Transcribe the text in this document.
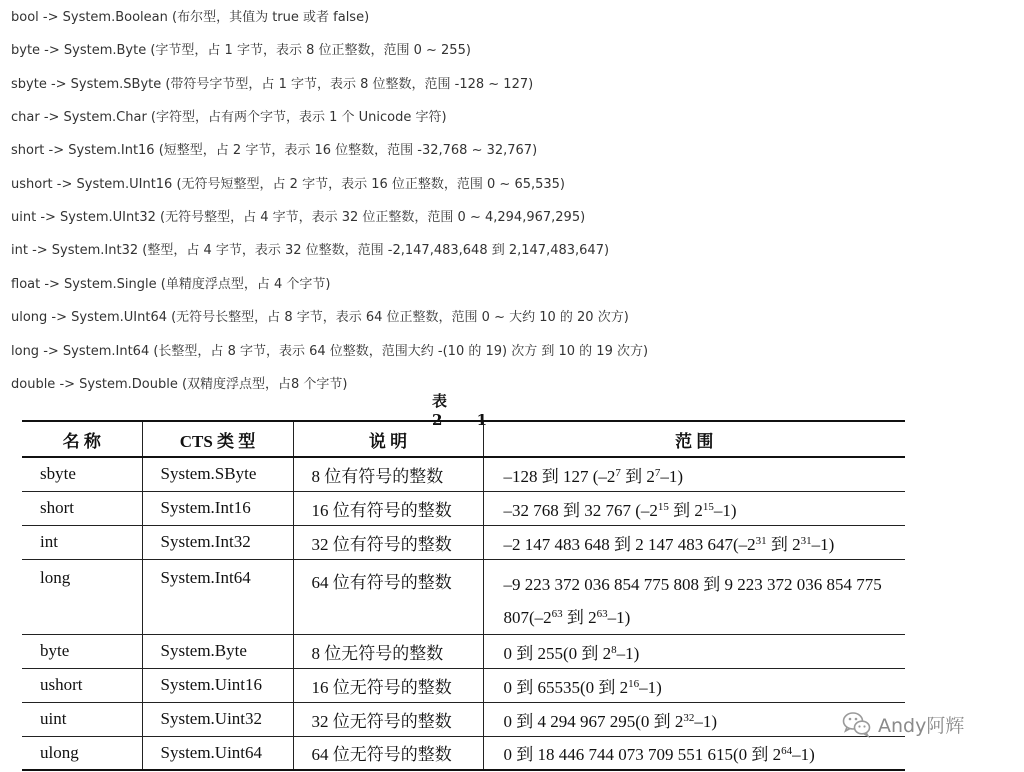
bool -> System.Boolean (布尔型，其值为 true 或者 false)
byte -> System.Byte (字节型，占 1 字节，表示 8 位正整数，范围 0 ~ 255)
sbyte -> System.SByte (带符号字节型，占 1 字节，表示 8 位整数，范围 -128 ~ 127)
char -> System.Char (字符型，占有两个字节，表示 1 个 Unicode 字符)
short -> System.Int16 (短整型，占 2 字节，表示 16 位整数，范围 -32,768 ~ 32,767)
ushort -> System.UInt16 (无符号短整型，占 2 字节，表示 16 位正整数，范围 0 ~ 65,535)
uint -> System.UInt32 (无符号整型，占 4 字节，表示 32 位正整数，范围 0 ~ 4,294,967,295)
int -> System.Int32 (整型，占 4 字节，表示 32 位整数，范围 -2,147,483,648 到 2,147,483,647)
float -> System.Single (单精度浮点型，占 4 个字节)
ulong -> System.UInt64 (无符号长整型，占 8 字节，表示 64 位正整数，范围 0 ~ 大约 10 的 20 次方)
long -> System.Int64 (长整型，占 8 字节，表示 64 位整数，范围大约 -(10 的 19) 次方 到 10 的 19 次方)
double -> System.Double (双精度浮点型，占8 个字节)
表 2-1
名 称	CTS 类 型	说 明	范 围
sbyte	System.SByte	8 位有符号的整数	–128 到 127 ($-2^7$ 到 $2^7-1$)
short	System.Int16	16 位有符号的整数	–32 768 到 32 767 ($-2^{15}$ 到 $2^{15}-1$)
int	System.Int32	32 位有符号的整数	–2 147 483 648 到 2 147 483 $647(-2^{31}$ 到 $2^{31}-1$)
long	System.Int64	64 位有符号的整数	–9 223 372 036 854 775 808 到 9 223 372 036 854 775 $807(-2^{63}$ 到 $2^{63}-1$)

byte	System.Byte	8 位无符号的整数	0 到 255(0 到 $2^8-1$)
ushort	System.Uint16	16 位无符号的整数	0 到 65535(0 到 $2^{16}-1$)
uint	System.Uint32	32 位无符号的整数	0 到 4 294 967 295(0 到 $2^{32}-1$)
ulong	System.Uint64	64 位无符号的整数	0 到 18 446 744 073 709 551 615(0 到 $2^{64}-1$)
Andy阿辉
